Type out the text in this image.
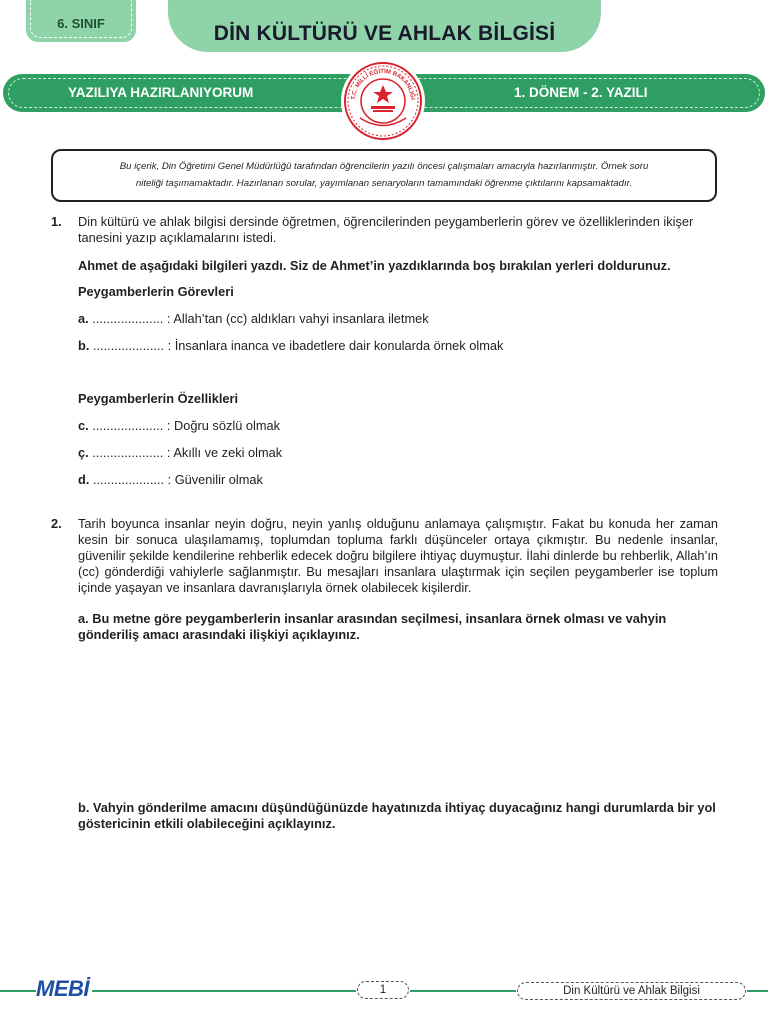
6. SINIF	DİN KÜLTÜRÜ VE AHLAK BİLGİSİ
YAZILIYA HAZIRLANIYORUM	1. DÖNEM - 2. YAZILI
T.C. MİLLÎ EĞİTİM BAKANLIĞI
Bu içerik, Din Öğretimi Genel Müdürlüğü tarafından öğrencilerin yazılı öncesi çalışmaları amacıyla hazırlanmıştır. Örnek soru
niteliği taşımamaktadır. Hazırlanan sorular, yayımlanan senaryoların tamamındaki öğrenme çıktılarını kapsamaktadır.
1. Din kültürü ve ahlak bilgisi dersinde öğretmen, öğrencilerinden peygamberlerin görev ve özelliklerinden ikişer tanesini yazıp açıklamalarını istedi.
Ahmet de aşağıdaki bilgileri yazdı. Siz de Ahmet’in yazdıklarında boş bırakılan yerleri doldurunuz.
Peygamberlerin Görevleri
a. .................... : Allah’tan (cc) aldıkları vahyi insanlara iletmek
b. .................... : İnsanlara inanca ve ibadetlere dair konularda örnek olmak
Peygamberlerin Özellikleri
c. .................... : Doğru sözlü olmak
ç. .................... : Akıllı ve zeki olmak
d. .................... : Güvenilir olmak
2. Tarih boyunca insanlar neyin doğru, neyin yanlış olduğunu anlamaya çalışmıştır. Fakat bu konuda her zaman kesin bir sonuca ulaşılamamış, toplumdan topluma farklı düşünceler ortaya çıkmıştır. Bu nedenle insanlar, güvenilir şekilde kendilerine rehberlik edecek doğru bilgilere ihtiyaç duymuştur. İlahi dinlerde bu rehberlik, Allah’ın (cc) gönderdiği vahiylerle sağlanmıştır. Bu mesajları insanlara ulaştırmak için seçilen peygamberler ise toplum içinde yaşayan ve insanlara davranışlarıyla örnek olabilecek kişilerdir.
a. Bu metne göre peygamberlerin insanlar arasından seçilmesi, insanlara örnek olması ve vahyin gönderiliş amacı arasındaki ilişkiyi açıklayınız.
b. Vahyin gönderilme amacını düşündüğünüzde hayatınızda ihtiyaç duyacağınız hangi durumlarda bir yol göstericinin etkili olabileceğini açıklayınız.
MEBİ	1	Din Kültürü ve Ahlak Bilgisi
